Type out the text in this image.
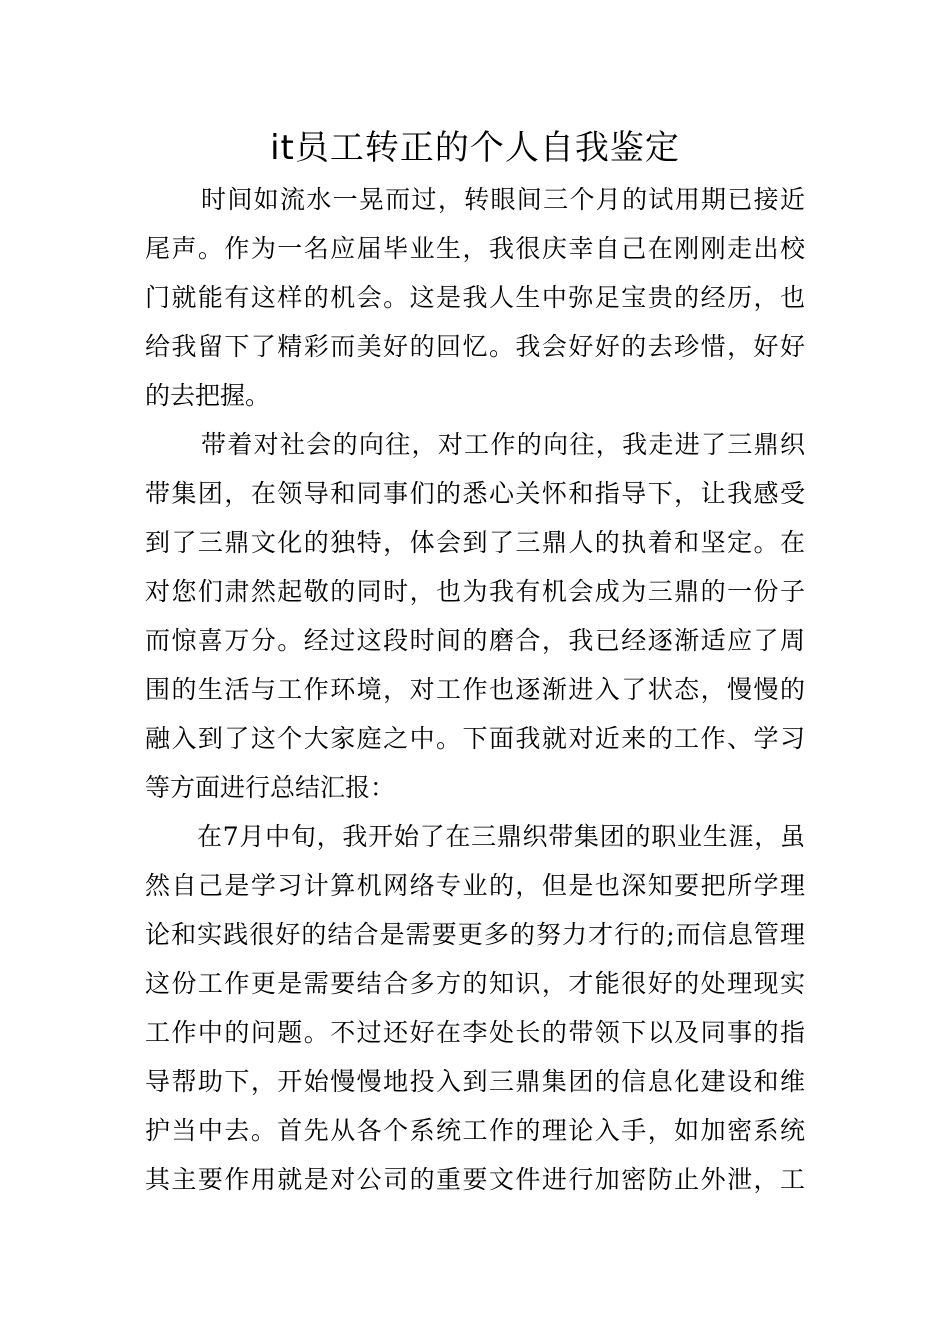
it员工转正的个人自我鉴定
时间如流水一晃而过，转眼间三个月的试用期已接近
尾声。作为一名应届毕业生，我很庆幸自己在刚刚走出校
门就能有这样的机会。这是我人生中弥足宝贵的经历，也
给我留下了精彩而美好的回忆。我会好好的去珍惜，好好
的去把握。
带着对社会的向往，对工作的向往，我走进了三鼎织
带集团，在领导和同事们的悉心关怀和指导下，让我感受
到了三鼎文化的独特，体会到了三鼎人的执着和坚定。在
对您们肃然起敬的同时，也为我有机会成为三鼎的一份子
而惊喜万分。经过这段时间的磨合，我已经逐渐适应了周
围的生活与工作环境，对工作也逐渐进入了状态，慢慢的
融入到了这个大家庭之中。下面我就对近来的工作、学习
等方面进行总结汇报：
在7月中旬，我开始了在三鼎织带集团的职业生涯，虽
然自己是学习计算机网络专业的，但是也深知要把所学理
论和实践很好的结合是需要更多的努力才行的;而信息管理
这份工作更是需要结合多方的知识，才能很好的处理现实
工作中的问题。不过还好在李处长的带领下以及同事的指
导帮助下，开始慢慢地投入到三鼎集团的信息化建设和维
护当中去。首先从各个系统工作的理论入手，如加密系统
其主要作用就是对公司的重要文件进行加密防止外泄，工
